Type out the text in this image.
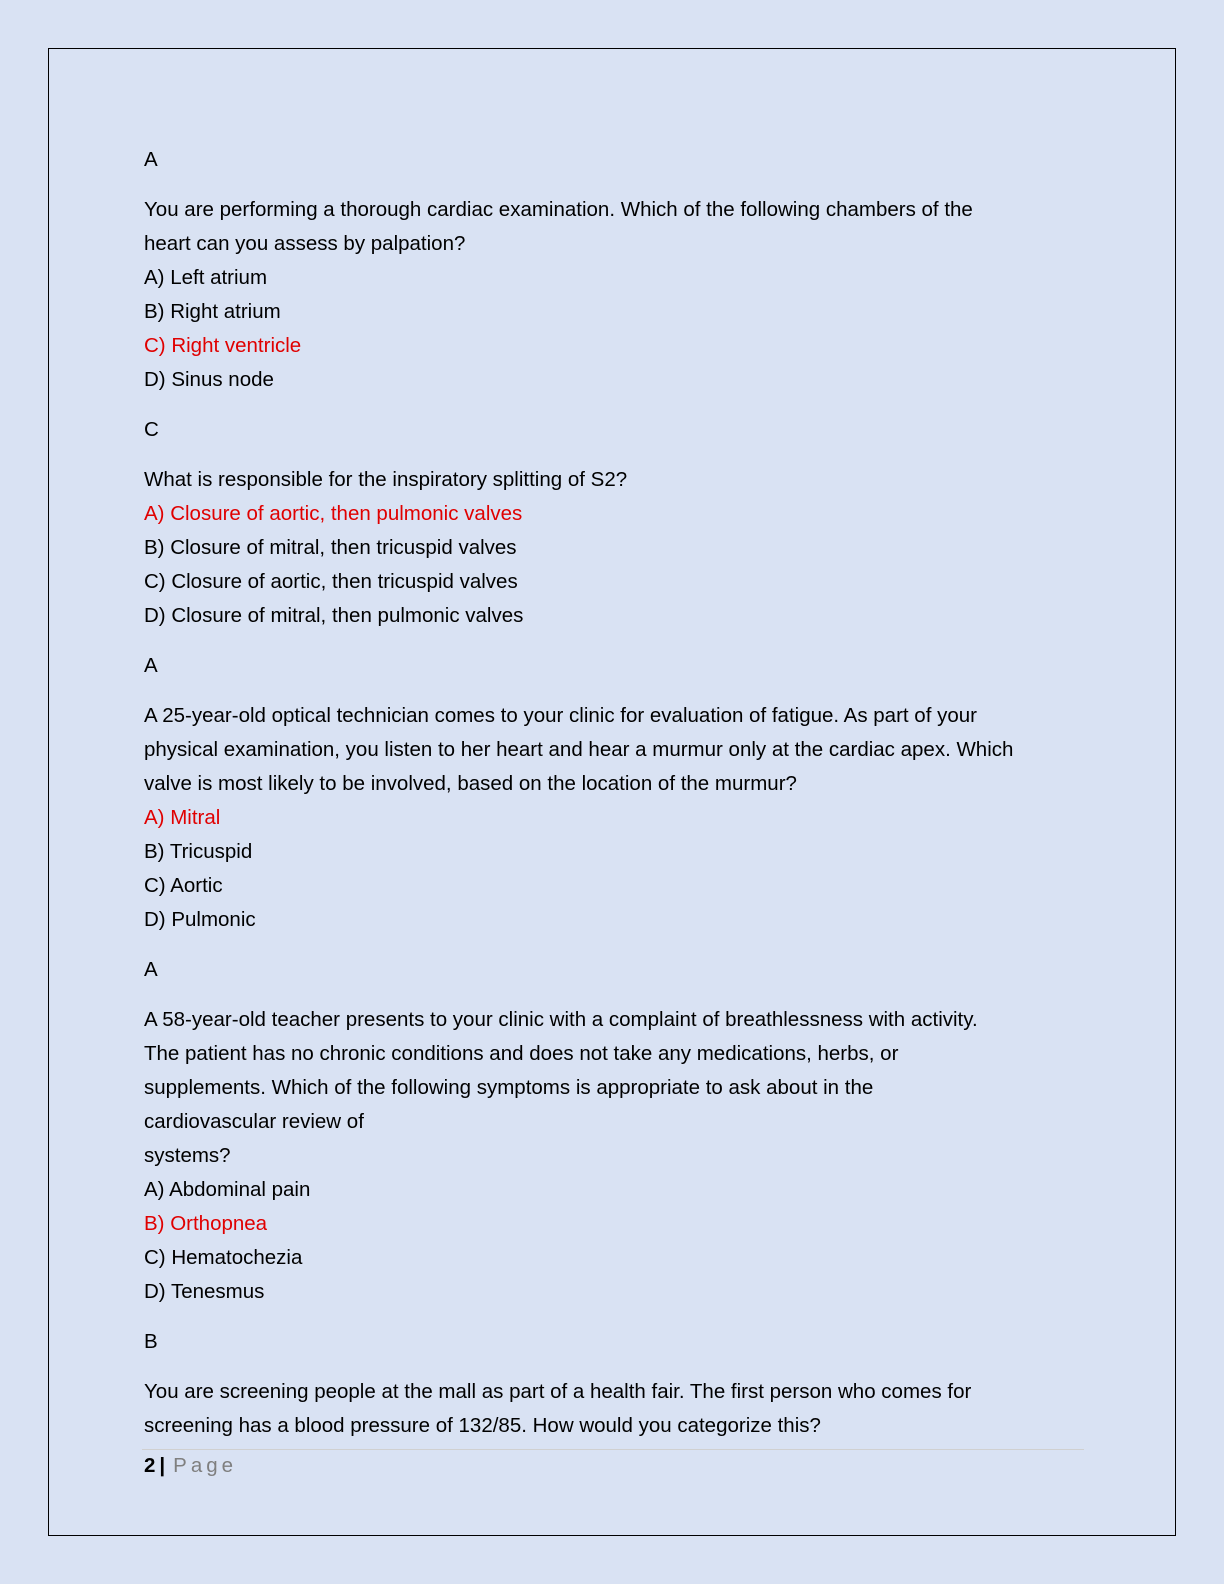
A

You are performing a thorough cardiac examination. Which of the following chambers of the

heart can you assess by palpation?

A) Left atrium

B) Right atrium

C) Right ventricle

D) Sinus node

C

What is responsible for the inspiratory splitting of S2?

A) Closure of aortic, then pulmonic valves

B) Closure of mitral, then tricuspid valves

C) Closure of aortic, then tricuspid valves

D) Closure of mitral, then pulmonic valves

A

A 25-year-old optical technician comes to your clinic for evaluation of fatigue. As part of your

physical examination, you listen to her heart and hear a murmur only at the cardiac apex. Which

valve is most likely to be involved, based on the location of the murmur?

A) Mitral

B) Tricuspid

C) Aortic

D) Pulmonic

A

A 58-year-old teacher presents to your clinic with a complaint of breathlessness with activity.

The patient has no chronic conditions and does not take any medications, herbs, or

supplements. Which of the following symptoms is appropriate to ask about in the

cardiovascular review of

systems?

A) Abdominal pain

B) Orthopnea

C) Hematochezia

D) Tenesmus

B

You are screening people at the mall as part of a health fair. The first person who comes for

screening has a blood pressure of 132/85. How would you categorize this?

2 | Page
